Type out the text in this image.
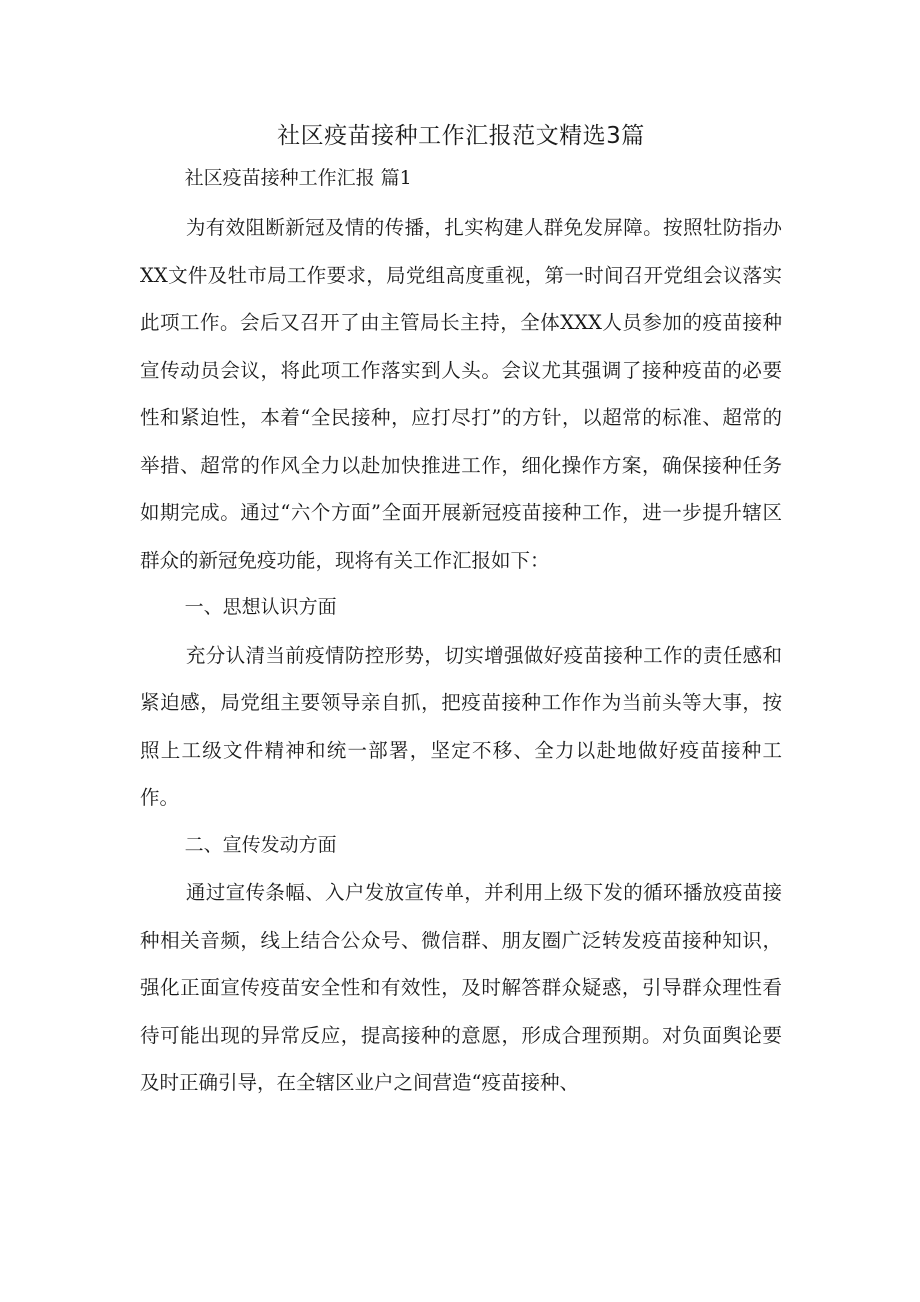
社区疫苗接种工作汇报范文精选3篇

社区疫苗接种工作汇报 篇1

为有效阻断新冠及情的传播，扎实构建人群免发屏障。按照牡防指办XX文件及牡市局工作要求，局党组高度重视，第一时间召开党组会议落实此项工作。会后又召开了由主管局长主持，全体XXX人员参加的疫苗接种宣传动员会议，将此项工作落实到人头。会议尤其强调了接种疫苗的必要性和紧迫性，本着“全民接种，应打尽打”的方针，以超常的标准、超常的举措、超常的作风全力以赴加快推进工作，细化操作方案，确保接种任务如期完成。通过“六个方面”全面开展新冠疫苗接种工作，进一步提升辖区群众的新冠免疫功能，现将有关工作汇报如下：

一、思想认识方面

充分认清当前疫情防控形势，切实增强做好疫苗接种工作的责任感和紧迫感，局党组主要领导亲自抓，把疫苗接种工作作为当前头等大事，按照上工级文件精神和统一部署，坚定不移、全力以赴地做好疫苗接种工作。

二、宣传发动方面

通过宣传条幅、入户发放宣传单，并利用上级下发的循环播放疫苗接种相关音频，线上结合公众号、微信群、朋友圈广泛转发疫苗接种知识，强化正面宣传疫苗安全性和有效性，及时解答群众疑惑，引导群众理性看待可能出现的异常反应，提高接种的意愿，形成合理预期。对负面舆论要及时正确引导，在全辖区业户之间营造“疫苗接种、
